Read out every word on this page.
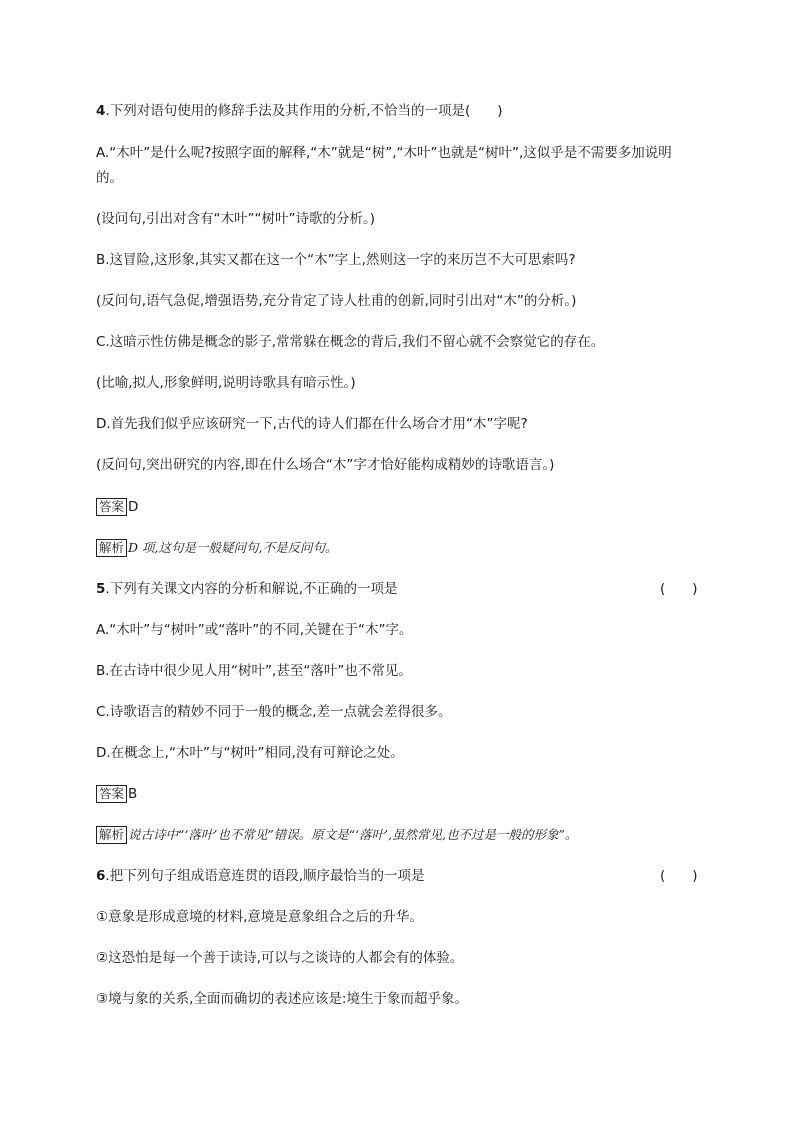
4.下列对语句使用的修辞手法及其作用的分析,不恰当的一项是(　　)
A.“木叶”是什么呢?按照字面的解释,“木”就是“树”,“木叶”也就是“树叶”,这似乎是不需要多加说明
的。
(设问句,引出对含有“木叶”“树叶”诗歌的分析。)
B.这冒险,这形象,其实又都在这一个“木”字上,然则这一字的来历岂不大可思索吗?
(反问句,语气急促,增强语势,充分肯定了诗人杜甫的创新,同时引出对“木”的分析。)
C.这暗示性仿佛是概念的影子,常常躲在概念的背后,我们不留心就不会察觉它的存在。
(比喻,拟人,形象鲜明,说明诗歌具有暗示性。)
D.首先我们似乎应该研究一下,古代的诗人们都在什么场合才用“木”字呢?
(反问句,突出研究的内容,即在什么场合“木”字才恰好能构成精妙的诗歌语言。)
答案 D
解析 D 项,这句是一般疑问句,不是反问句。
5.下列有关课文内容的分析和解说,不正确的一项是	(　　)
A.“木叶”与“树叶”或“落叶”的不同,关键在于“木”字。
B.在古诗中很少见人用“树叶”,甚至“落叶”也不常见。
C.诗歌语言的精妙不同于一般的概念,差一点就会差得很多。
D.在概念上,“木叶”与“树叶”相同,没有可辩论之处。
答案 B
解析 说古诗中“‘落叶’也不常见”错误。原文是“‘落叶’,虽然常见,也不过是一般的形象”。
6.把下列句子组成语意连贯的语段,顺序最恰当的一项是	(　　)
①意象是形成意境的材料,意境是意象组合之后的升华。
②这恐怕是每一个善于读诗,可以与之谈诗的人都会有的体验。
③境与象的关系,全面而确切的表述应该是:境生于象而超乎象。
